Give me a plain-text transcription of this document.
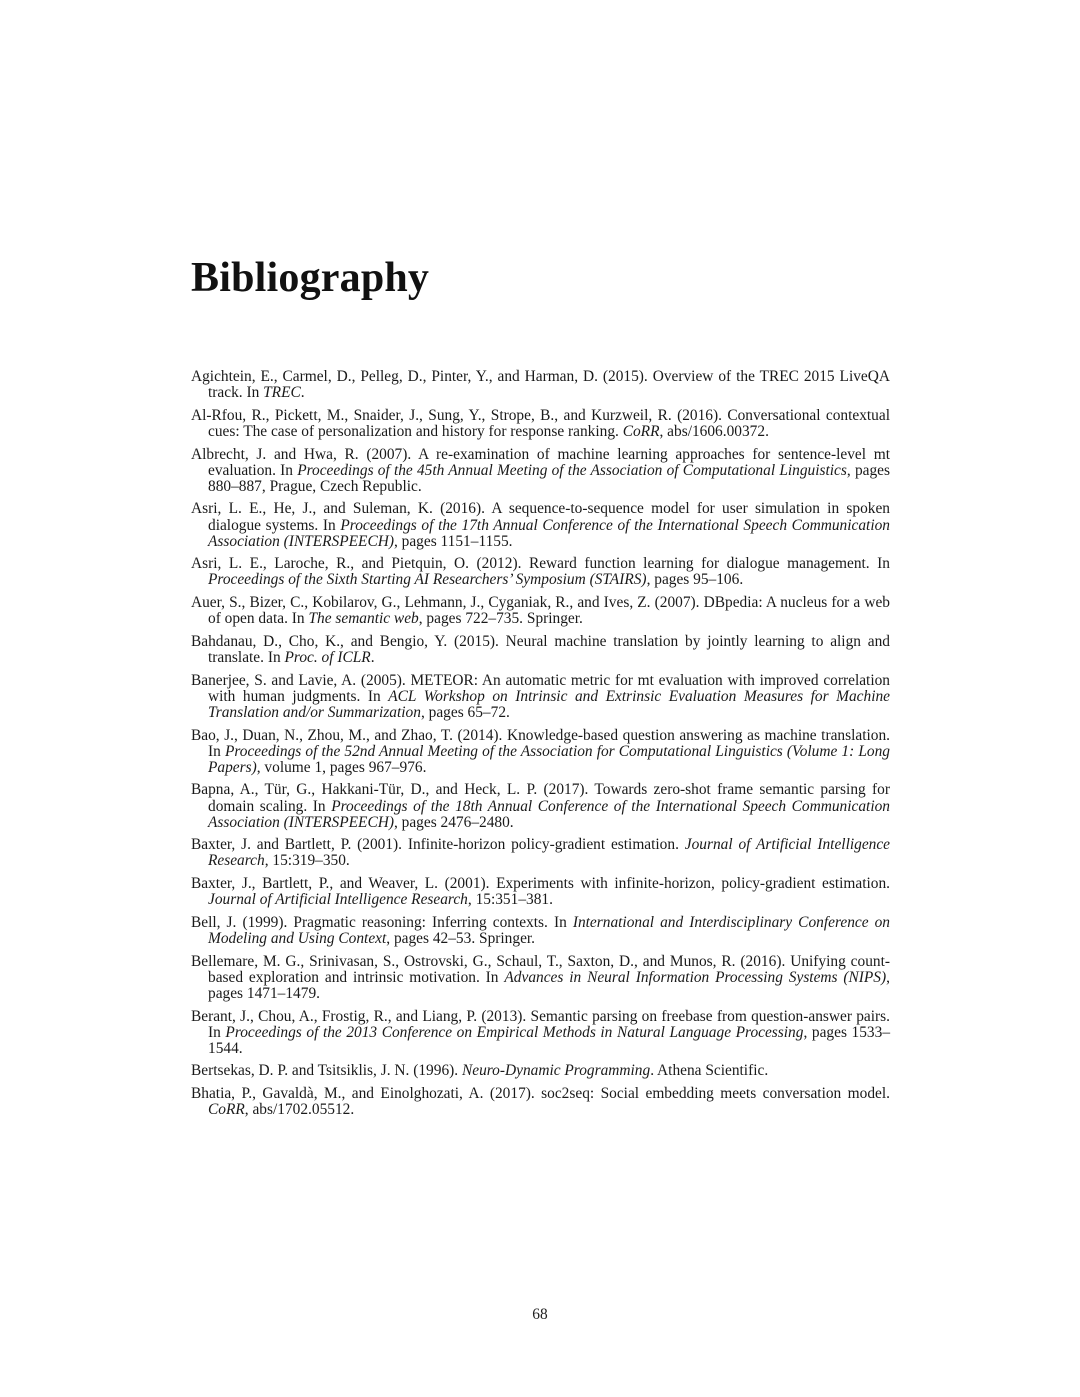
Bibliography
Agichtein, E., Carmel, D., Pelleg, D., Pinter, Y., and Harman, D. (2015). Overview of the TREC 2015 LiveQA track. In TREC.
Al-Rfou, R., Pickett, M., Snaider, J., Sung, Y., Strope, B., and Kurzweil, R. (2016). Conversational contextual cues: The case of personalization and history for response ranking. CoRR, abs/1606.00372.
Albrecht, J. and Hwa, R. (2007). A re-examination of machine learning approaches for sentence-level mt evaluation. In Proceedings of the 45th Annual Meeting of the Association of Computational Linguistics, pages 880–887, Prague, Czech Republic.
Asri, L. E., He, J., and Suleman, K. (2016). A sequence-to-sequence model for user simulation in spoken dialogue systems. In Proceedings of the 17th Annual Conference of the International Speech Communication Association (INTERSPEECH), pages 1151–1155.
Asri, L. E., Laroche, R., and Pietquin, O. (2012). Reward function learning for dialogue management. In Proceedings of the Sixth Starting AI Researchers’ Symposium (STAIRS), pages 95–106.
Auer, S., Bizer, C., Kobilarov, G., Lehmann, J., Cyganiak, R., and Ives, Z. (2007). DBpedia: A nucleus for a web of open data. In The semantic web, pages 722–735. Springer.
Bahdanau, D., Cho, K., and Bengio, Y. (2015). Neural machine translation by jointly learning to align and translate. In Proc. of ICLR.
Banerjee, S. and Lavie, A. (2005). METEOR: An automatic metric for mt evaluation with improved correlation with human judgments. In ACL Workshop on Intrinsic and Extrinsic Evaluation Measures for Machine Translation and/or Summarization, pages 65–72.
Bao, J., Duan, N., Zhou, M., and Zhao, T. (2014). Knowledge-based question answering as machine translation. In Proceedings of the 52nd Annual Meeting of the Association for Computational Linguistics (Volume 1: Long Papers), volume 1, pages 967–976.
Bapna, A., Tür, G., Hakkani-Tür, D., and Heck, L. P. (2017). Towards zero-shot frame semantic parsing for domain scaling. In Proceedings of the 18th Annual Conference of the International Speech Communication Association (INTERSPEECH), pages 2476–2480.
Baxter, J. and Bartlett, P. (2001). Infinite-horizon policy-gradient estimation. Journal of Artificial Intelligence Research, 15:319–350.
Baxter, J., Bartlett, P., and Weaver, L. (2001). Experiments with infinite-horizon, policy-gradient estimation. Journal of Artificial Intelligence Research, 15:351–381.
Bell, J. (1999). Pragmatic reasoning: Inferring contexts. In International and Interdisciplinary Conference on Modeling and Using Context, pages 42–53. Springer.
Bellemare, M. G., Srinivasan, S., Ostrovski, G., Schaul, T., Saxton, D., and Munos, R. (2016). Unifying count-based exploration and intrinsic motivation. In Advances in Neural Information Processing Systems (NIPS), pages 1471–1479.
Berant, J., Chou, A., Frostig, R., and Liang, P. (2013). Semantic parsing on freebase from question-answer pairs. In Proceedings of the 2013 Conference on Empirical Methods in Natural Language Processing, pages 1533–1544.
Bertsekas, D. P. and Tsitsiklis, J. N. (1996). Neuro-Dynamic Programming. Athena Scientific.
Bhatia, P., Gavaldà, M., and Einolghozati, A. (2017). soc2seq: Social embedding meets conversation model. CoRR, abs/1702.05512.
68
